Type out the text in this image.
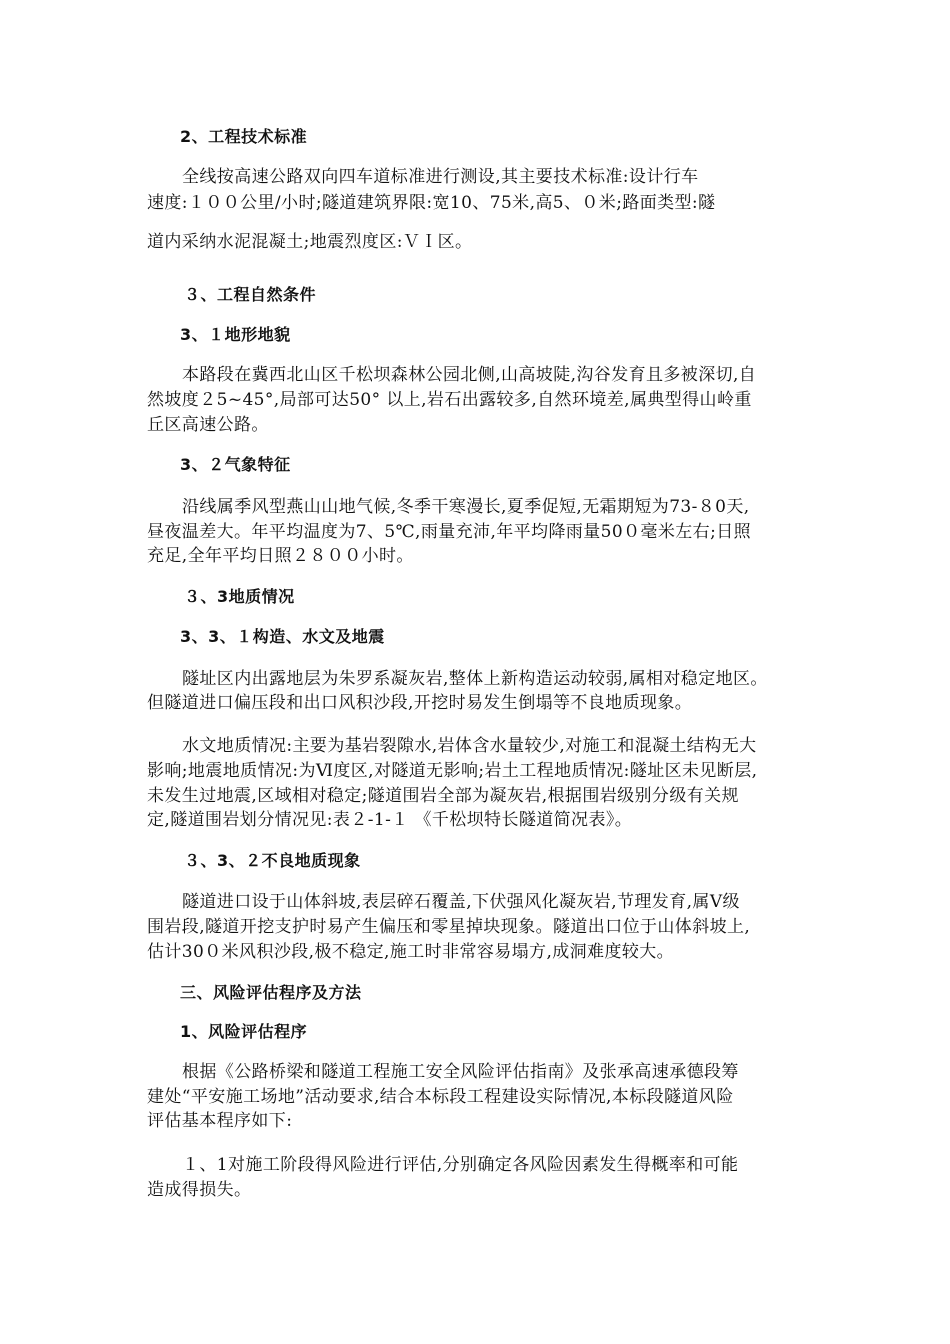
2、工程技术标准
全线按高速公路双向四车道标准进行测设,其主要技术标准:设计行车
速度:１００公里/小时;隧道建筑界限:宽10、75米,高5、０米;路面类型:隧
道内采纳水泥混凝土;地震烈度区:ＶＩ区。
３、工程自然条件
3、１地形地貌
本路段在冀西北山区千松坝森林公园北侧,山高坡陡,沟谷发育且多被深切,自
然坡度２5~45°,局部可达50° 以上,岩石出露较多,自然环境差,属典型得山岭重
丘区高速公路。
3、２气象特征
沿线属季风型燕山山地气候,冬季干寒漫长,夏季促短,无霜期短为73-８0天,
昼夜温差大。年平均温度为7、5℃,雨量充沛,年平均降雨量50０毫米左右;日照
充足,全年平均日照２８００小时。
３、3地质情况
3、3、１构造、水文及地震
隧址区内出露地层为朱罗系凝灰岩,整体上新构造运动较弱,属相对稳定地区。
但隧道进口偏压段和出口风积沙段,开挖时易发生倒塌等不良地质现象。
水文地质情况:主要为基岩裂隙水,岩体含水量较少,对施工和混凝土结构无大
影响;地震地质情况:为Ⅵ度区,对隧道无影响;岩土工程地质情况:隧址区未见断层,
未发生过地震,区域相对稳定;隧道围岩全部为凝灰岩,根据围岩级别分级有关规
定,隧道围岩划分情况见:表２-1-１ 《千松坝特长隧道简况表》。
３、3、２不良地质现象
隧道进口设于山体斜坡,表层碎石覆盖,下伏强风化凝灰岩,节理发育,属Ⅴ级
围岩段,隧道开挖支护时易产生偏压和零星掉块现象。隧道出口位于山体斜坡上,
估计30０米风积沙段,极不稳定,施工时非常容易塌方,成洞难度较大。
三、风险评估程序及方法
1、风险评估程序
根据《公路桥梁和隧道工程施工安全风险评估指南》及张承高速承德段筹
建处“平安施工场地”活动要求,结合本标段工程建设实际情况,本标段隧道风险
评估基本程序如下:
１、1对施工阶段得风险进行评估,分别确定各风险因素发生得概率和可能
造成得损失。
